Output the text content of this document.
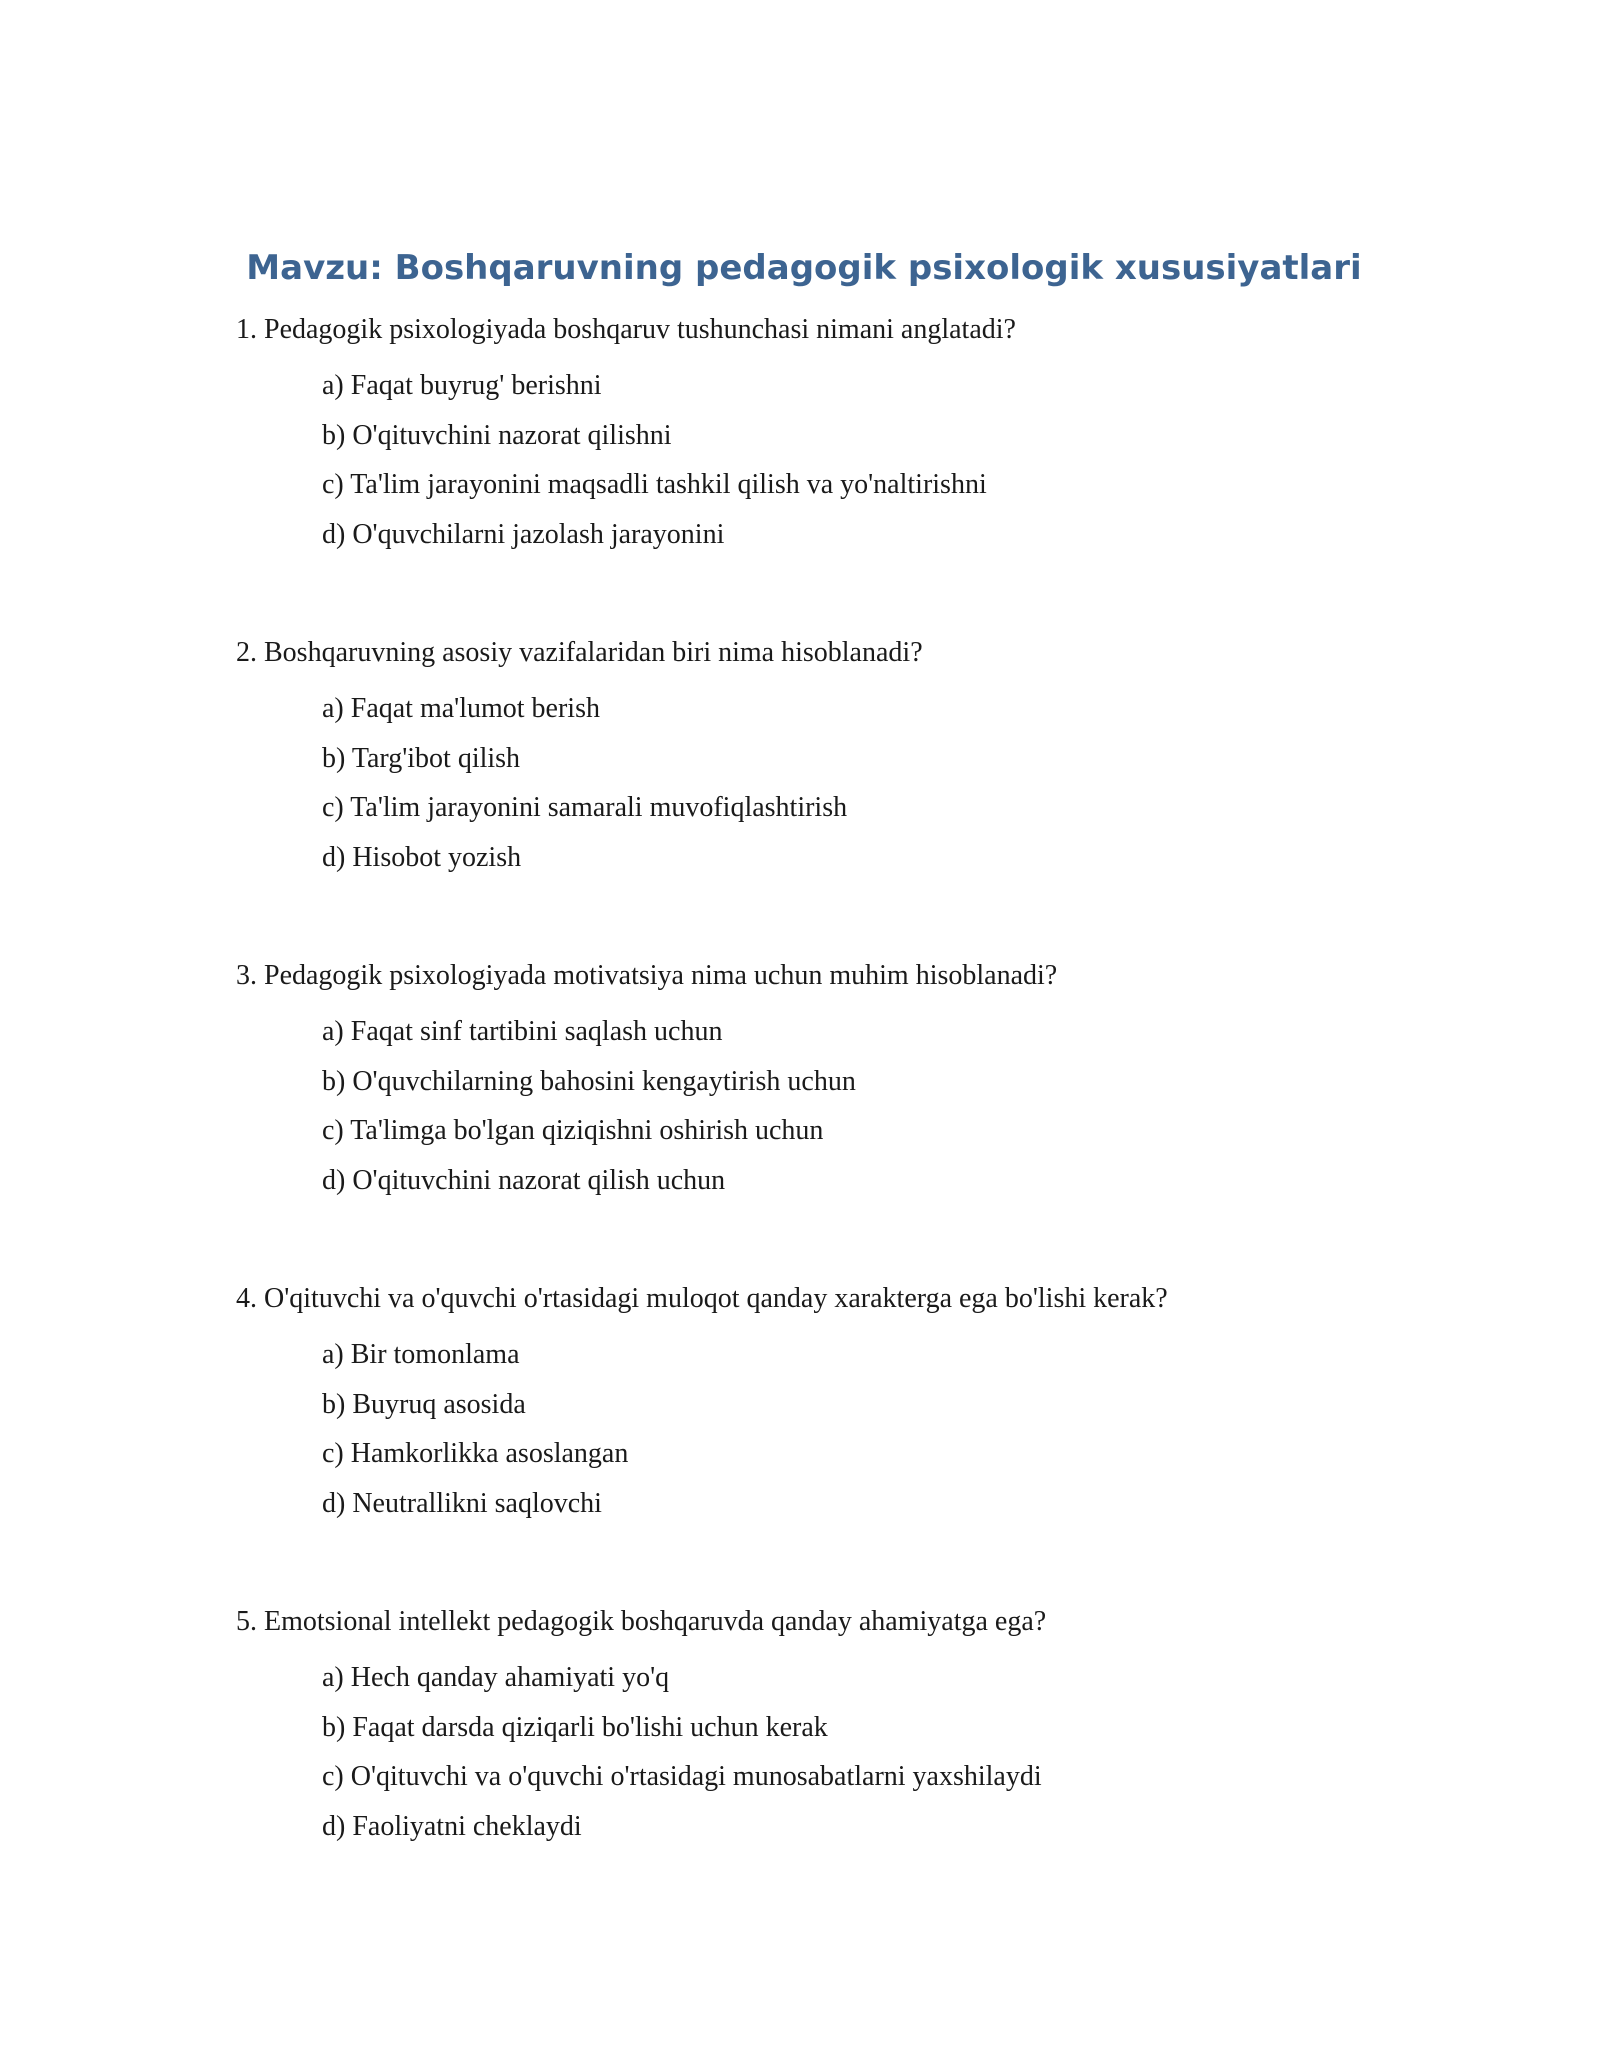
Mavzu: Boshqaruvning pedagogik psixologik xususiyatlari

1. Pedagogik psixologiyada boshqaruv tushunchasi nimani anglatadi?

a) Faqat buyrug' berishni
b) O'qituvchini nazorat qilishni
c) Ta'lim jarayonini maqsadli tashkil qilish va yo'naltirishni
d) O'quvchilarni jazolash jarayonini

2. Boshqaruvning asosiy vazifalaridan biri nima hisoblanadi?

a) Faqat ma'lumot berish
b) Targ'ibot qilish
c) Ta'lim jarayonini samarali muvofiqlashtirish
d) Hisobot yozish

3. Pedagogik psixologiyada motivatsiya nima uchun muhim hisoblanadi?

a) Faqat sinf tartibini saqlash uchun
b) O'quvchilarning bahosini kengaytirish uchun
c) Ta'limga bo'lgan qiziqishni oshirish uchun
d) O'qituvchini nazorat qilish uchun

4. O'qituvchi va o'quvchi o'rtasidagi muloqot qanday xarakterga ega bo'lishi kerak?

a) Bir tomonlama
b) Buyruq asosida
c) Hamkorlikka asoslangan
d) Neutrallikni saqlovchi

5. Emotsional intellekt pedagogik boshqaruvda qanday ahamiyatga ega?

a) Hech qanday ahamiyati yo'q
b) Faqat darsda qiziqarli bo'lishi uchun kerak
c) O'qituvchi va o'quvchi o'rtasidagi munosabatlarni yaxshilaydi
d) Faoliyatni cheklaydi
